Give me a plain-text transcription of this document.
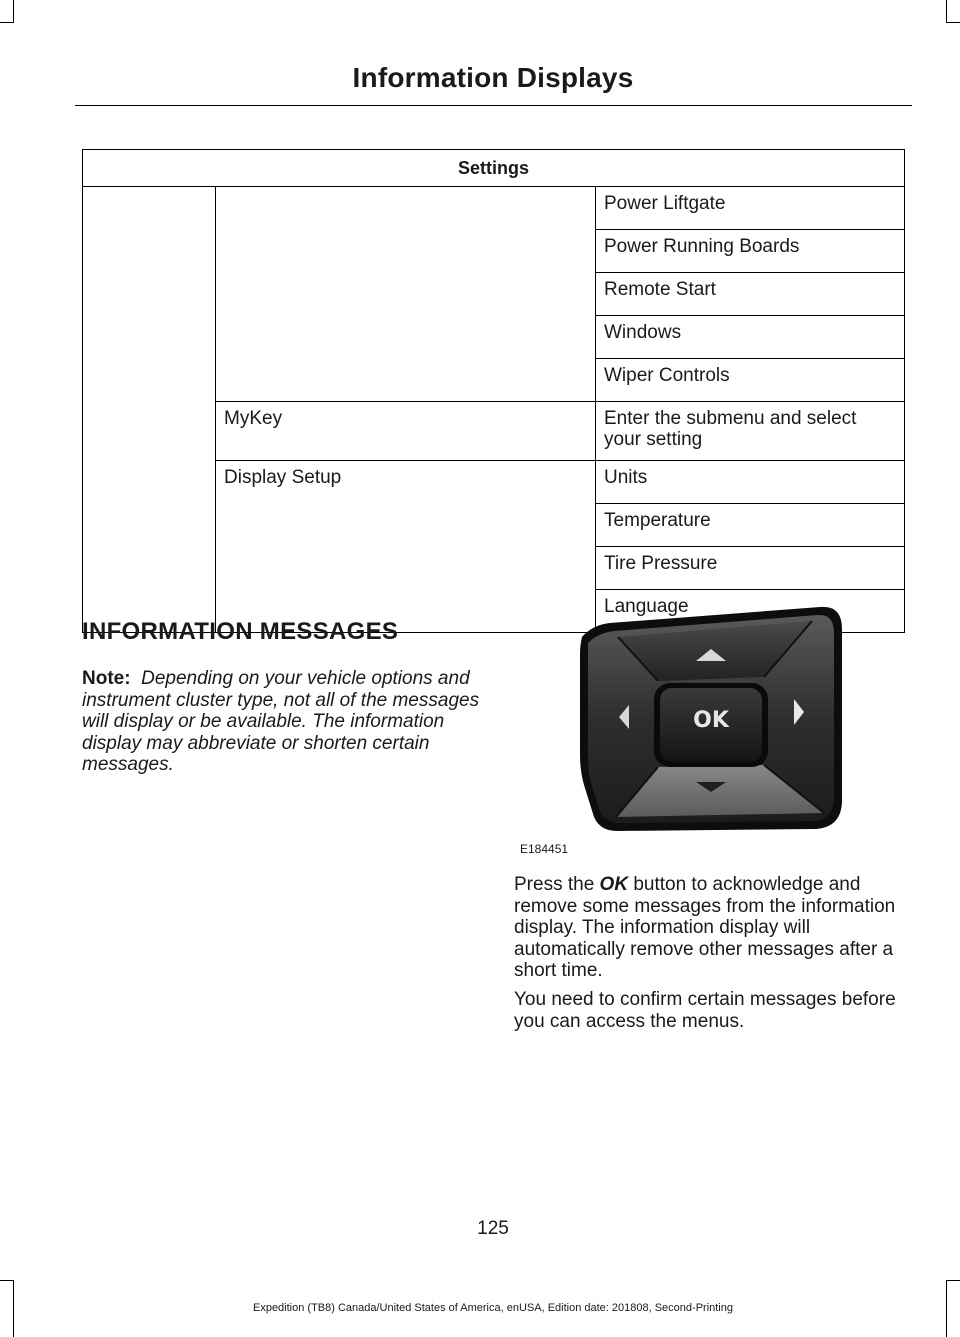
Information Displays
Settings		
		Power Liftgate
		Power Running Boards
		Remote Start
		Windows
		Wiper Controls
	MyKey	Enter the submenu and select your setting
	Display Setup	Units
		Temperature
		Tire Pressure
		Language
INFORMATION MESSAGES

Note: Depending on your vehicle options and instrument cluster type, not all of the messages will display or be available. The information display may abbreviate or shorten certain messages.

OK
E184451

Press the OK button to acknowledge and remove some messages from the information display. The information display will automatically remove other messages after a short time.

You need to confirm certain messages before you can access the menus.

125
Expedition (TB8) Canada/United States of America, enUSA, Edition date: 201808, Second-Printing
